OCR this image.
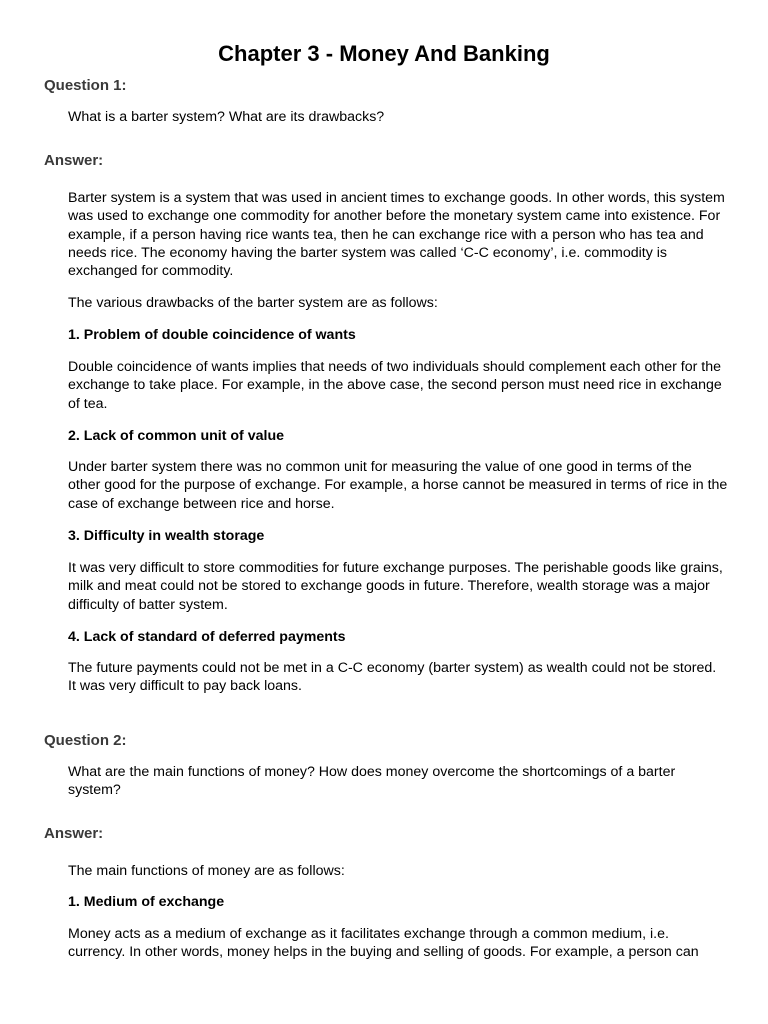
Chapter 3 - Money And Banking

Question 1:

What is a barter system? What are its drawbacks?

Answer:

Barter system is a system that was used in ancient times to exchange goods. In other words, this system was used to exchange one commodity for another before the monetary system came into existence. For example, if a person having rice wants tea, then he can exchange rice with a person who has tea and needs rice. The economy having the barter system was called ‘C-C economy’, i.e. commodity is exchanged for commodity.

The various drawbacks of the barter system are as follows:

1. Problem of double coincidence of wants

Double coincidence of wants implies that needs of two individuals should complement each other for the exchange to take place. For example, in the above case, the second person must need rice in exchange of tea.

2. Lack of common unit of value

Under barter system there was no common unit for measuring the value of one good in terms of the other good for the purpose of exchange. For example, a horse cannot be measured in terms of rice in the case of exchange between rice and horse.

3. Difficulty in wealth storage

It was very difficult to store commodities for future exchange purposes. The perishable goods like grains, milk and meat could not be stored to exchange goods in future. Therefore, wealth storage was a major difficulty of batter system.

4. Lack of standard of deferred payments

The future payments could not be met in a C-C economy (barter system) as wealth could not be stored. It was very difficult to pay back loans.

Question 2:

What are the main functions of money? How does money overcome the shortcomings of a barter system?

Answer:

The main functions of money are as follows:

1. Medium of exchange

Money acts as a medium of exchange as it facilitates exchange through a common medium, i.e. currency. In other words, money helps in the buying and selling of goods. For example, a person can
